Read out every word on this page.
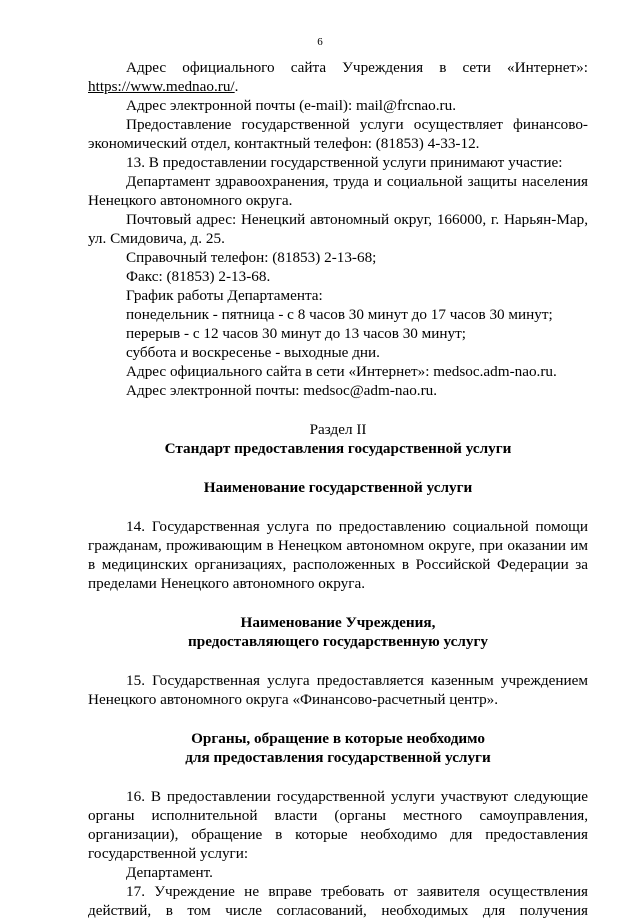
6

Адрес официального сайта Учреждения в сети «Интернет»: https://www.mednao.ru/.

Адрес электронной почты (e-mail): mail@frcnao.ru.

Предоставление государственной услуги осуществляет финансово-экономический отдел, контактный телефон: (81853) 4-33-12.

13. В предоставлении государственной услуги принимают участие:

Департамент здравоохранения, труда и социальной защиты населения Ненецкого автономного округа.

Почтовый адрес: Ненецкий автономный округ, 166000, г. Нарьян-Мар, ул. Смидовича, д. 25.

Справочный телефон: (81853) 2-13-68;

Факс: (81853) 2-13-68.

График работы Департамента:

понедельник - пятница - с 8 часов 30 минут до 17 часов 30 минут;

перерыв - с 12 часов 30 минут до 13 часов 30 минут;

суббота и воскресенье - выходные дни.

Адрес официального сайта в сети «Интернет»: medsoc.adm-nao.ru.

Адрес электронной почты: medsoc@adm-nao.ru.

Раздел II

Стандарт предоставления государственной услуги

Наименование государственной услуги

14. Государственная услуга по предоставлению социальной помощи гражданам, проживающим в Ненецком автономном округе, при оказании им в медицинских организациях, расположенных в Российской Федерации за пределами Ненецкого автономного округа.

Наименование Учреждения,

предоставляющего государственную услугу

15. Государственная услуга предоставляется казенным учреждением Ненецкого автономного округа «Финансово-расчетный центр».

Органы, обращение в которые необходимо

для предоставления государственной услуги

16. В предоставлении государственной услуги участвуют следующие органы исполнительной власти (органы местного самоуправления, организации), обращение в которые необходимо для предоставления государственной услуги:

Департамент.

17. Учреждение не вправе требовать от заявителя осуществления действий, в том числе согласований, необходимых для получения
